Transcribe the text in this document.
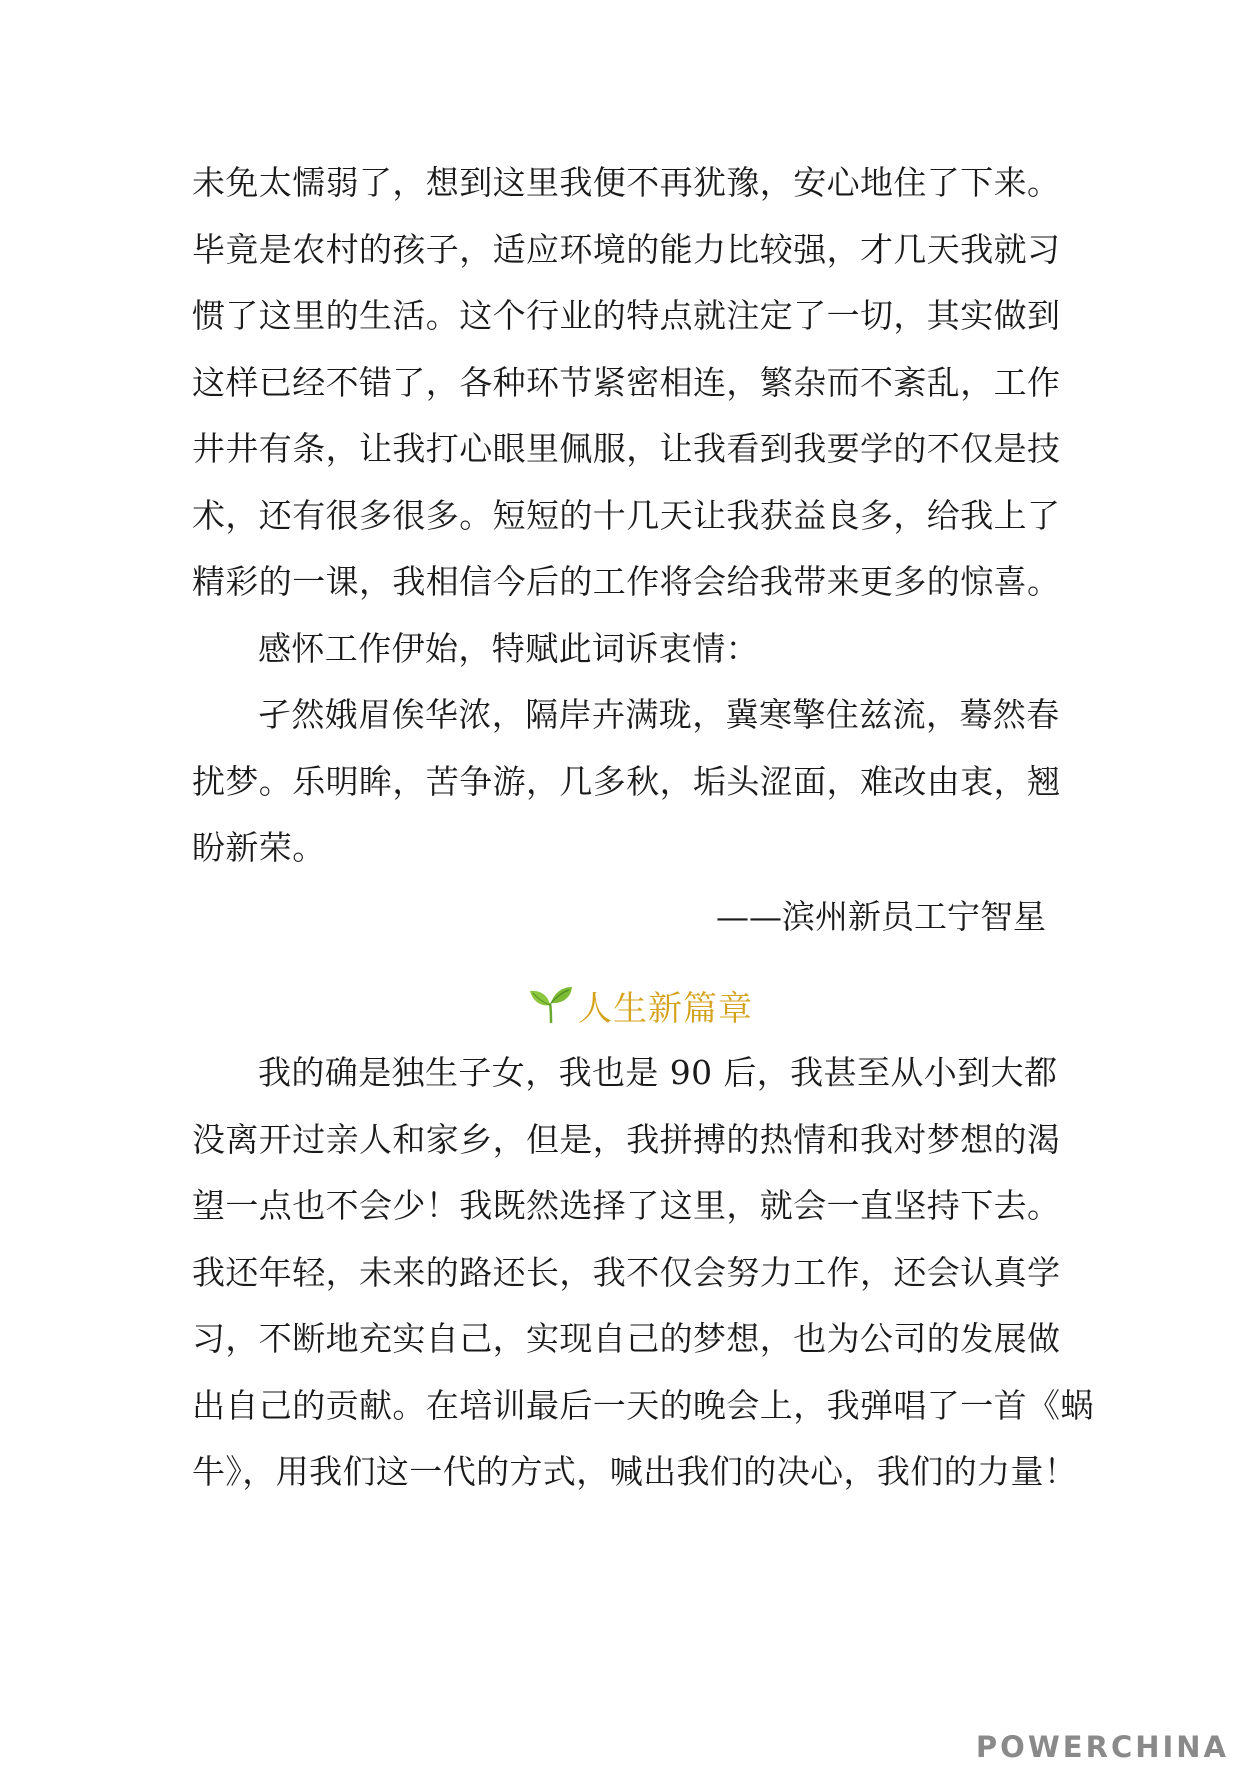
未免太懦弱了，想到这里我便不再犹豫，安心地住了下来。
毕竟是农村的孩子，适应环境的能力比较强，才几天我就习
惯了这里的生活。这个行业的特点就注定了一切，其实做到
这样已经不错了，各种环节紧密相连，繁杂而不紊乱，工作
井井有条，让我打心眼里佩服，让我看到我要学的不仅是技
术，还有很多很多。短短的十几天让我获益良多，给我上了
精彩的一课，我相信今后的工作将会给我带来更多的惊喜。
感怀工作伊始，特赋此词诉衷情：
孑然娥眉俟华浓，隔岸卉满珑，冀寒擎住兹流，蓦然春
扰梦。乐明眸，苦争游，几多秋，垢头涩面，难改由衷，翘
盼新荣。
——滨州新员工宁智星
人生新篇章
我的确是独生子女，我也是 90 后，我甚至从小到大都
没离开过亲人和家乡，但是，我拼搏的热情和我对梦想的渴
望一点也不会少！我既然选择了这里，就会一直坚持下去。
我还年轻，未来的路还长，我不仅会努力工作，还会认真学
习，不断地充实自己，实现自己的梦想，也为公司的发展做
出自己的贡献。在培训最后一天的晚会上，我弹唱了一首《蜗
牛》，用我们这一代的方式，喊出我们的决心，我们的力量！
POWERCHINA
